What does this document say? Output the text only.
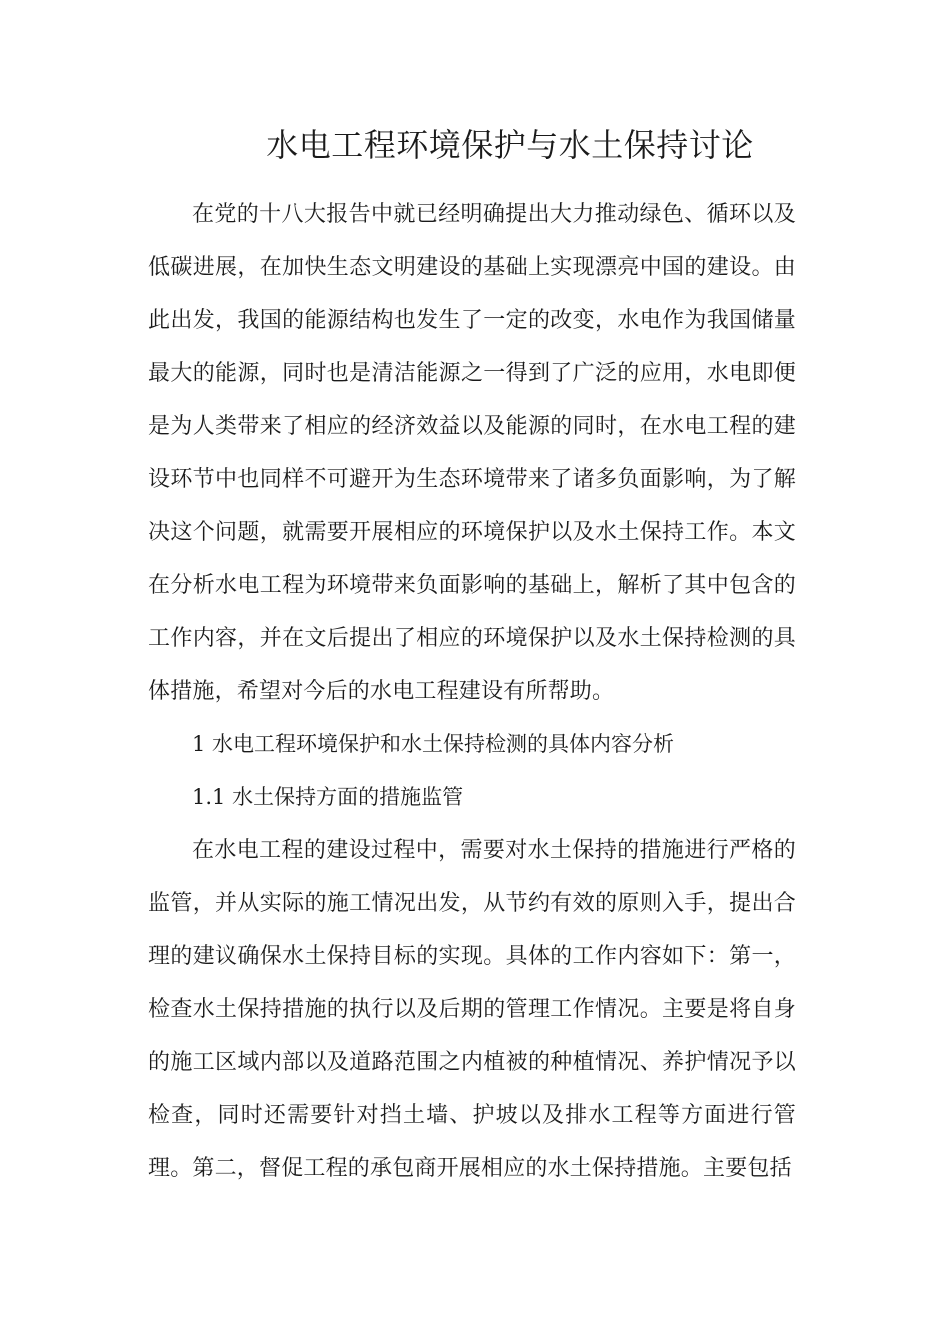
水电工程环境保护与水土保持讨论

在党的十八大报告中就已经明确提出大力推动绿色、循环以及低碳进展，在加快生态文明建设的基础上实现漂亮中国的建设。由此出发，我国的能源结构也发生了一定的改变，水电作为我国储量最大的能源，同时也是清洁能源之一得到了广泛的应用，水电即便是为人类带来了相应的经济效益以及能源的同时，在水电工程的建设环节中也同样不可避开为生态环境带来了诸多负面影响，为了解决这个问题，就需要开展相应的环境保护以及水土保持工作。本文在分析水电工程为环境带来负面影响的基础上，解析了其中包含的工作内容，并在文后提出了相应的环境保护以及水土保持检测的具体措施，希望对今后的水电工程建设有所帮助。

1 水电工程环境保护和水土保持检测的具体内容分析

1.1 水土保持方面的措施监管

在水电工程的建设过程中，需要对水土保持的措施进行严格的监管，并从实际的施工情况出发，从节约有效的原则入手，提出合理的建议确保水土保持目标的实现。具体的工作内容如下：第一，检查水土保持措施的执行以及后期的管理工作情况。主要是将自身的施工区域内部以及道路范围之内植被的种植情况、养护情况予以检查，同时还需要针对挡土墙、护坡以及排水工程等方面进行管理。第二，督促工程的承包商开展相应的水土保持措施。主要包括
